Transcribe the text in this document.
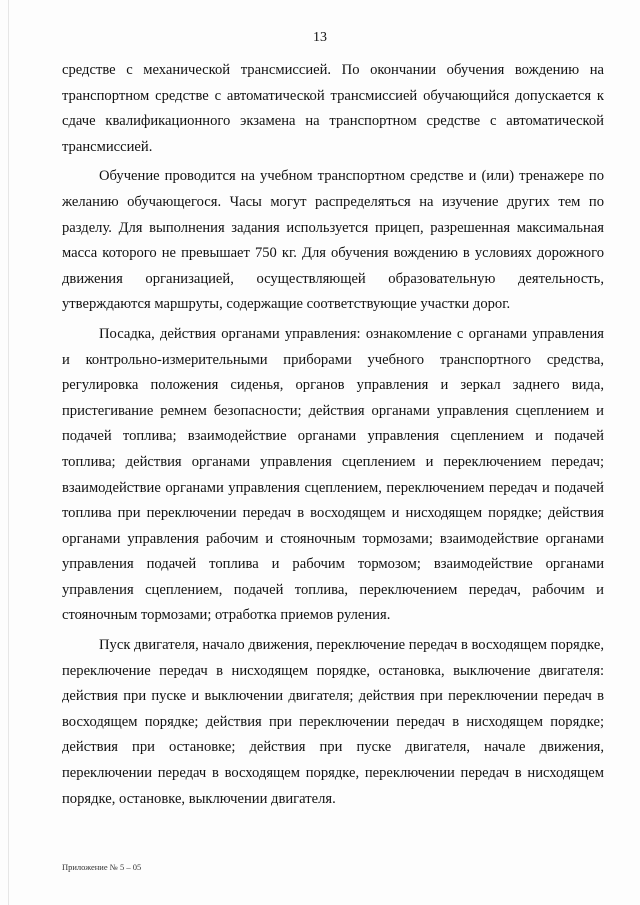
13

средстве с механической трансмиссией. По окончании обучения вождению на транспортном средстве с автоматической трансмиссией обучающийся допускается к сдаче квалификационного экзамена на транспортном средстве с автоматической трансмиссией.

Обучение проводится на учебном транспортном средстве и (или) тренажере по желанию обучающегося. Часы могут распределяться на изучение других тем по разделу. Для выполнения задания используется прицеп, разрешенная максимальная масса которого не превышает 750 кг. Для обучения вождению в условиях дорожного движения организацией, осуществляющей образовательную деятельность, утверждаются маршруты, содержащие соответствующие участки дорог.

Посадка, действия органами управления: ознакомление с органами управления и контрольно-измерительными приборами учебного транспортного средства, регулировка положения сиденья, органов управления и зеркал заднего вида, пристегивание ремнем безопасности; действия органами управления сцеплением и подачей топлива; взаимодействие органами управления сцеплением и подачей топлива; действия органами управления сцеплением и переключением передач; взаимодействие органами управления сцеплением, переключением передач и подачей топлива при переключении передач в восходящем и нисходящем порядке; действия органами управления рабочим и стояночным тормозами; взаимодействие органами управления подачей топлива и рабочим тормозом; взаимодействие органами управления сцеплением, подачей топлива, переключением передач, рабочим и стояночным тормозами; отработка приемов руления.

Пуск двигателя, начало движения, переключение передач в восходящем порядке, переключение передач в нисходящем порядке, остановка, выключение двигателя: действия при пуске и выключении двигателя; действия при переключении передач в восходящем порядке; действия при переключении передач в нисходящем порядке; действия при остановке; действия при пуске двигателя, начале движения, переключении передач в восходящем порядке, переключении передач в нисходящем порядке, остановке, выключении двигателя.

Приложение № 5 – 05
